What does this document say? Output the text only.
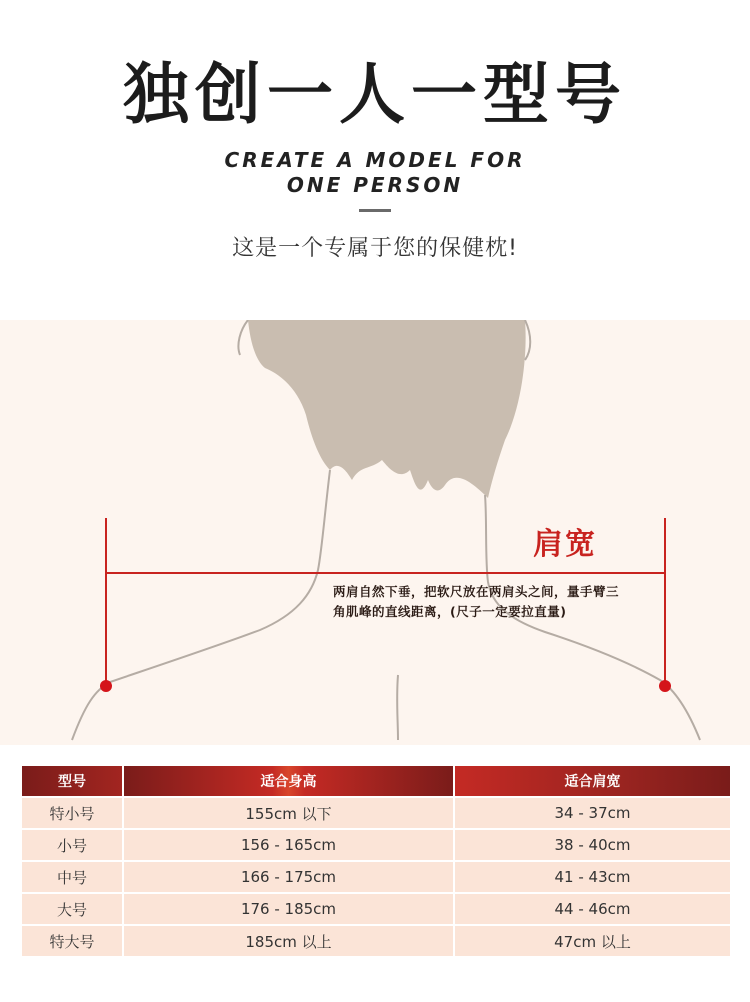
独创一人一型号
CREATE A MODEL FOR
ONE PERSON
这是一个专属于您的保健枕!
肩宽
两肩自然下垂，把软尺放在两肩头之间，量手臂三角肌峰的直线距离，(尺子一定要拉直量)
型号	适合身高	适合肩宽
特小号	155cm 以下	34 - 37cm
小号	156 - 165cm	38 - 40cm
中号	166 - 175cm	41 - 43cm
大号	176 - 185cm	44 - 46cm
特大号	185cm 以上	47cm 以上
